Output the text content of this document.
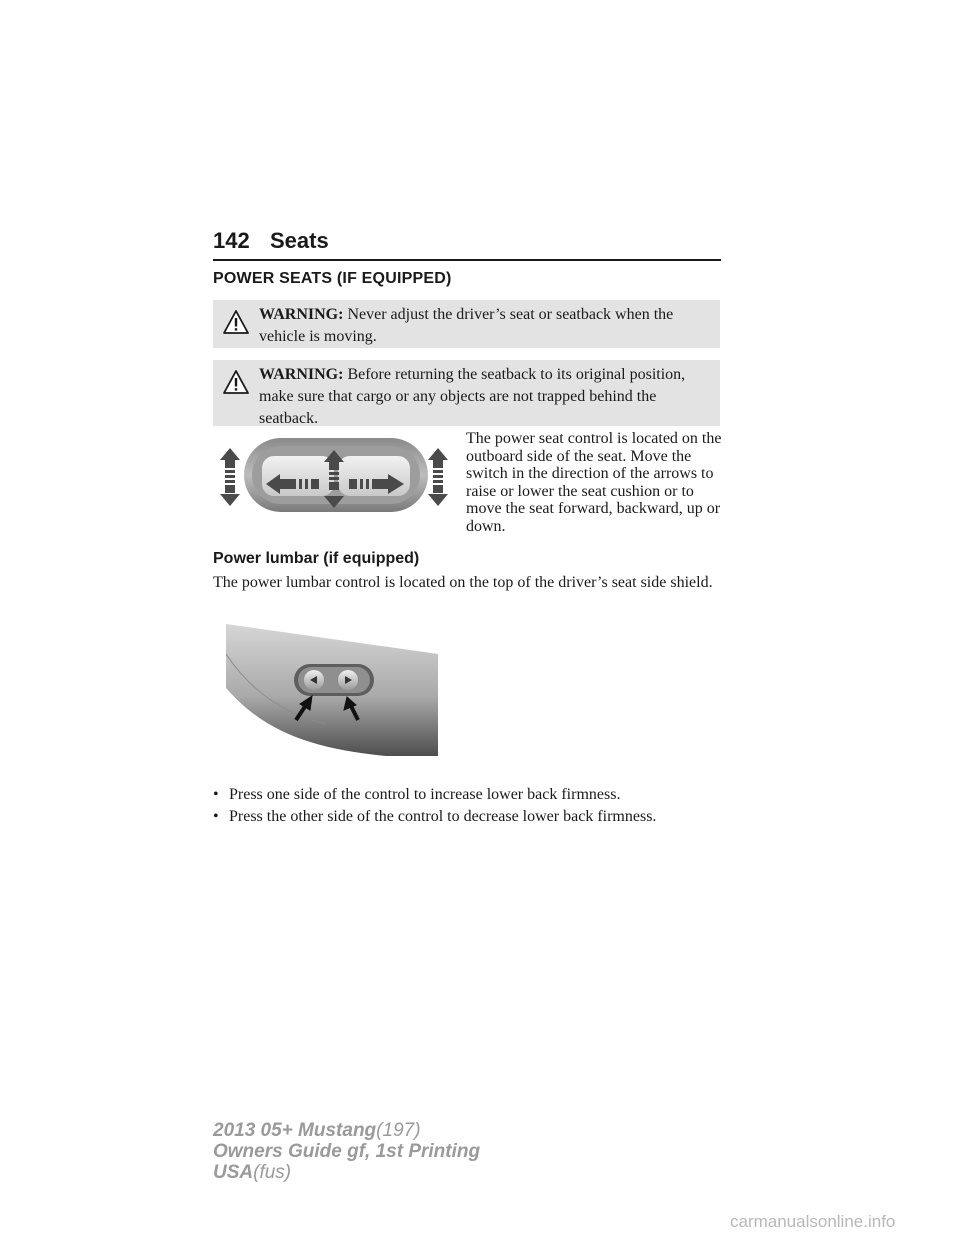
142 Seats
POWER SEATS (IF EQUIPPED)
WARNING: Never adjust the driver’s seat or seatback when the vehicle is moving.
WARNING: Before returning the seatback to its original position, make sure that cargo or any objects are not trapped behind the seatback.
The power seat control is located on the outboard side of the seat. Move the switch in the direction of the arrows to raise or lower the seat cushion or to move the seat forward, backward, up or down.
Power lumbar (if equipped)
The power lumbar control is located on the top of the driver’s seat side shield.
• Press one side of the control to increase lower back firmness.
• Press the other side of the control to decrease lower back firmness.
2013 05+ Mustang(197)
Owners Guide gf, 1st Printing
USA(fus)
carmanualsonline.info
